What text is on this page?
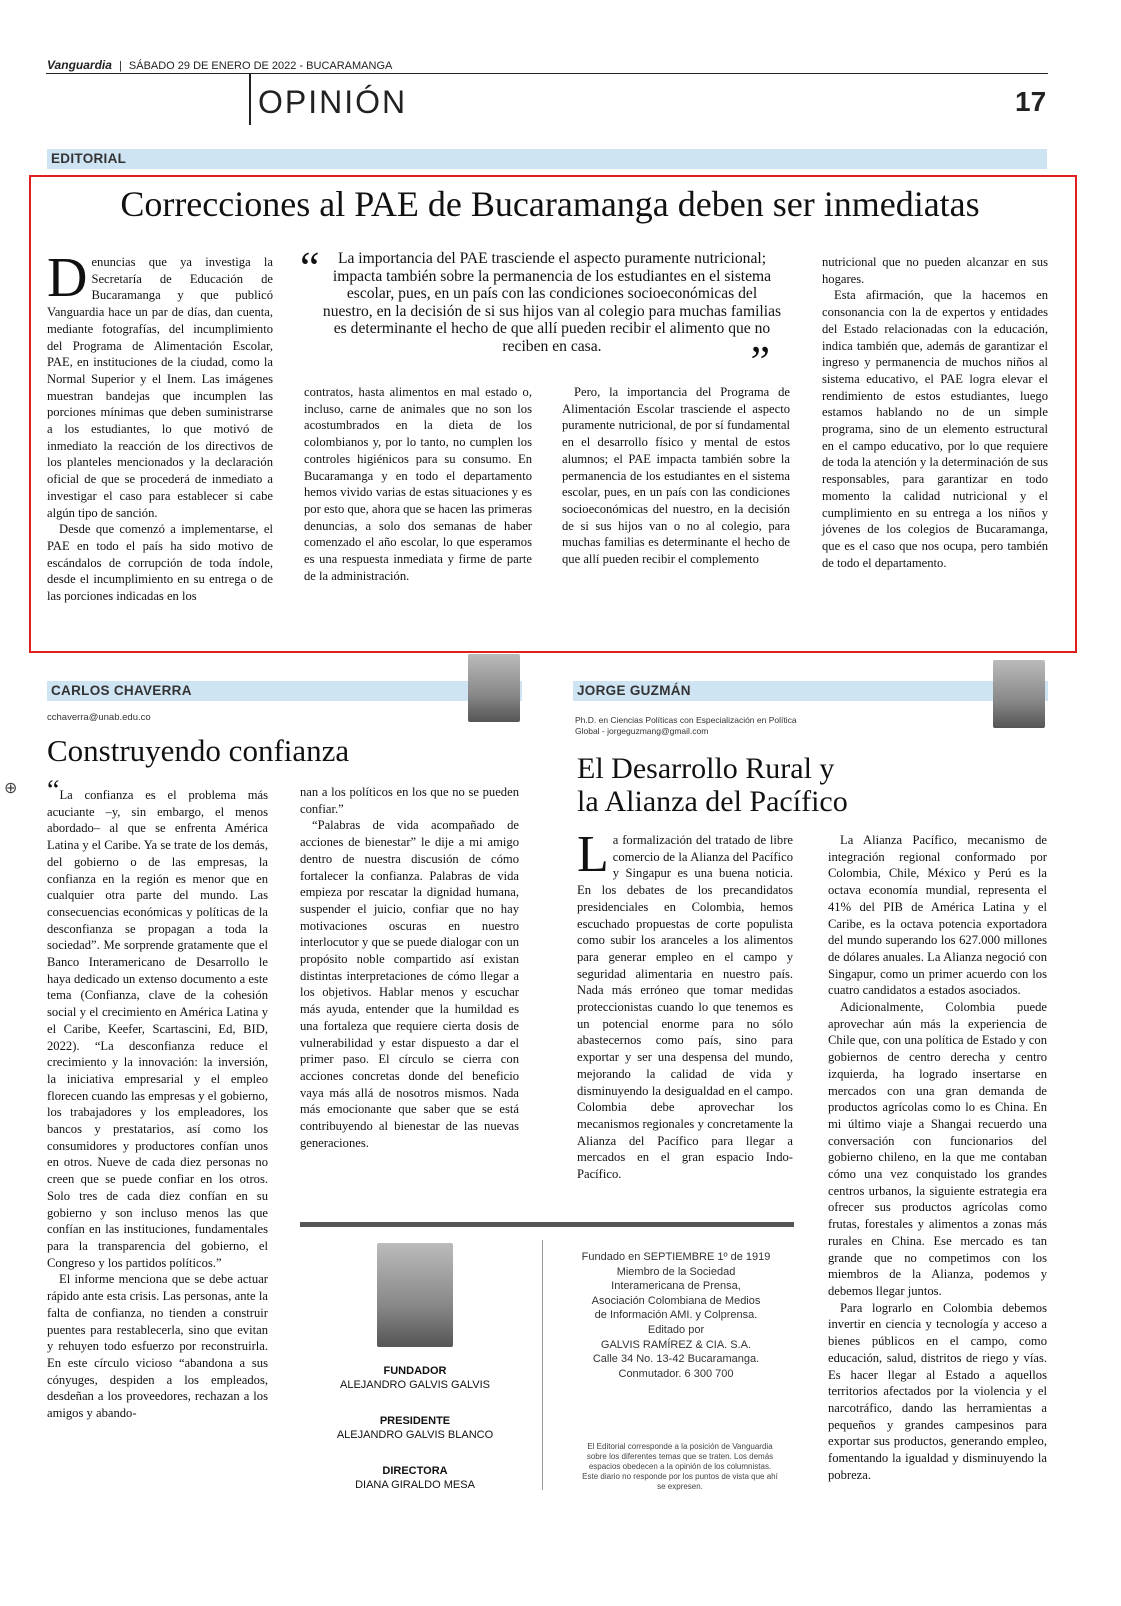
Vanguardia | SÁBADO 29 DE ENERO DE 2022 - BUCARAMANGA
OPINIÓN	17
EDITORIAL
Correcciones al PAE de Bucaramanga deben ser inmediatas

Denuncias que ya investiga la Secretaría de Educación de Bucaramanga y que publicó Vanguardia hace un par de días, dan cuenta, mediante fotografías, del incumplimiento del Programa de Alimentación Escolar, PAE, en instituciones de la ciudad, como la Normal Superior y el Inem. Las imágenes muestran bandejas que incumplen las porciones mínimas que deben suministrarse a los estudiantes, lo que motivó de inmediato la reacción de los directivos de los planteles mencionados y la declaración oficial de que se procederá de inmediato a investigar el caso para establecer si cabe algún tipo de sanción.

Desde que comenzó a implementarse, el PAE en todo el país ha sido motivo de escándalos de corrupción de toda índole, desde el incumplimiento en su entrega o de las porciones indicadas en los

“	La importancia del PAE trasciende el aspecto puramente nutricional; impacta también sobre la permanencia de los estudiantes en el sistema escolar, pues, en un país con las condiciones socioeconómicas del nuestro, en la decisión de si sus hijos van al colegio para muchas familias es determinante el hecho de que allí pueden recibir el alimento que no reciben en casa.	”

contratos, hasta alimentos en mal estado o, incluso, carne de animales que no son los acostumbrados en la dieta de los colombianos y, por lo tanto, no cumplen los controles higiénicos para su consumo. En Bucaramanga y en todo el departamento hemos vivido varias de estas situaciones y es por esto que, ahora que se hacen las primeras denuncias, a solo dos semanas de haber comenzado el año escolar, lo que esperamos es una respuesta inmediata y firme de parte de la administración.

Pero, la importancia del Programa de Alimentación Escolar trasciende el aspecto puramente nutricional, de por sí fundamental en el desarrollo físico y mental de estos alumnos; el PAE impacta también sobre la permanencia de los estudiantes en el sistema escolar, pues, en un país con las condiciones socioeconómicas del nuestro, en la decisión de si sus hijos van o no al colegio, para muchas familias es determinante el hecho de que allí pueden recibir el complemento

nutricional que no pueden alcanzar en sus hogares.

Esta afirmación, que la hacemos en consonancia con la de expertos y entidades del Estado relacionadas con la educación, indica también que, además de garantizar el ingreso y permanencia de muchos niños al sistema educativo, el PAE logra elevar el rendimiento de estos estudiantes, luego estamos hablando no de un simple programa, sino de un elemento estructural en el campo educativo, por lo que requiere de toda la atención y la determinación de sus responsables, para garantizar en todo momento la calidad nutricional y el cumplimiento en su entrega a los niños y jóvenes de los colegios de Bucaramanga, que es el caso que nos ocupa, pero también de todo el departamento.

CARLOS CHAVERRA
cchaverra@unab.edu.co
Construyendo confianza
⊕ “La confianza es el problema más acuciante –y, sin embargo, el menos abordado– al que se enfrenta América Latina y el Caribe. Ya se trate de los demás, del gobierno o de las empresas, la confianza en la región es menor que en cualquier otra parte del mundo. Las consecuencias económicas y políticas de la desconfianza se propagan a toda la sociedad”. Me sorprende gratamente que el Banco Interamericano de Desarrollo le haya dedicado un extenso documento a este tema (Confianza, clave de la cohesión social y el crecimiento en América Latina y el Caribe, Keefer, Scartascini, Ed, BID, 2022). “La desconfianza reduce el crecimiento y la innovación: la inversión, la iniciativa empresarial y el empleo florecen cuando las empresas y el gobierno, los trabajadores y los empleadores, los bancos y prestatarios, así como los consumidores y productores confían unos en otros. Nueve de cada diez personas no creen que se puede confiar en los otros. Solo tres de cada diez confían en su gobierno y son incluso menos las que confían en las instituciones, fundamentales para la transparencia del gobierno, el Congreso y los partidos políticos.”

El informe menciona que se debe actuar rápido ante esta crisis. Las personas, ante la falta de confianza, no tienden a construir puentes para restablecerla, sino que evitan y rehuyen todo esfuerzo por reconstruirla. En este círculo vicioso “abandona a sus cónyuges, despiden a los empleados, desdeñan a los proveedores, rechazan a los amigos y abando-

nan a los políticos en los que no se pueden confiar.”

“Palabras de vida acompañado de acciones de bienestar” le dije a mi amigo dentro de nuestra discusión de cómo fortalecer la confianza. Palabras de vida empieza por rescatar la dignidad humana, suspender el juicio, confiar que no hay motivaciones oscuras en nuestro interlocutor y que se puede dialogar con un propósito noble compartido así existan distintas interpretaciones de cómo llegar a los objetivos. Hablar menos y escuchar más ayuda, entender que la humildad es una fortaleza que requiere cierta dosis de vulnerabilidad y estar dispuesto a dar el primer paso. El círculo se cierra con acciones concretas donde del beneficio vaya más allá de nosotros mismos. Nada más emocionante que saber que se está contribuyendo al bienestar de las nuevas generaciones.

JORGE GUZMÁN
Ph.D. en Ciencias Políticas con Especialización en Política Global - jorgeguzmang@gmail.com
El Desarrollo Rural y
la Alianza del Pacífico

La formalización del tratado de libre comercio de la Alianza del Pacífico y Singapur es una buena noticia. En los debates de los precandidatos presidenciales en Colombia, hemos escuchado propuestas de corte populista como subir los aranceles a los alimentos para generar empleo en el campo y seguridad alimentaria en nuestro país. Nada más erróneo que tomar medidas proteccionistas cuando lo que tenemos es un potencial enorme para no sólo abastecernos como país, sino para exportar y ser una despensa del mundo, mejorando la calidad de vida y disminuyendo la desigualdad en el campo. Colombia debe aprovechar los mecanismos regionales y concretamente la Alianza del Pacífico para llegar a mercados en el gran espacio Indo-Pacífico.

La Alianza Pacífico, mecanismo de integración regional conformado por Colombia, Chile, México y Perú es la octava economía mundial, representa el 41% del PIB de América Latina y el Caribe, es la octava potencia exportadora del mundo superando los 627.000 millones de dólares anuales. La Alianza negoció con Singapur, como un primer acuerdo con los cuatro candidatos a estados asociados.

Adicionalmente, Colombia puede aprovechar aún más la experiencia de Chile que, con una política de Estado y con gobiernos de centro derecha y centro izquierda, ha logrado insertarse en mercados con una gran demanda de productos agrícolas como lo es China. En mi último viaje a Shangai recuerdo una conversación con funcionarios del gobierno chileno, en la que me contaban cómo una vez conquistado los grandes centros urbanos, la siguiente estrategia era ofrecer sus productos agrícolas como frutas, forestales y alimentos a zonas más rurales en China. Ese mercado es tan grande que no competimos con los miembros de la Alianza, podemos y debemos llegar juntos.

Para lograrlo en Colombia debemos invertir en ciencia y tecnología y acceso a bienes públicos en el campo, como educación, salud, distritos de riego y vías. Es hacer llegar al Estado a aquellos territorios afectados por la violencia y el narcotráfico, dando las herramientas a pequeños y grandes campesinos para exportar sus productos, generando empleo, fomentando la igualdad y disminuyendo la pobreza.

FUNDADOR
ALEJANDRO GALVIS GALVIS
PRESIDENTE
ALEJANDRO GALVIS BLANCO
DIRECTORA
DIANA GIRALDO MESA
Fundado en SEPTIEMBRE 1º de 1919
Miembro de la Sociedad
Interamericana de Prensa,
Asociación Colombiana de Medios
de Información AMI. y Colprensa.
Editado por
GALVIS RAMÍREZ & CIA. S.A.
Calle 34 No. 13-42 Bucaramanga.
Conmutador. 6 300 700
El Editorial corresponde a la posición de Vanguardia sobre los diferentes temas que se traten. Los demás espacios obedecen a la opinión de los columnistas. Este diario no responde por los puntos de vista que ahí se expresen.
